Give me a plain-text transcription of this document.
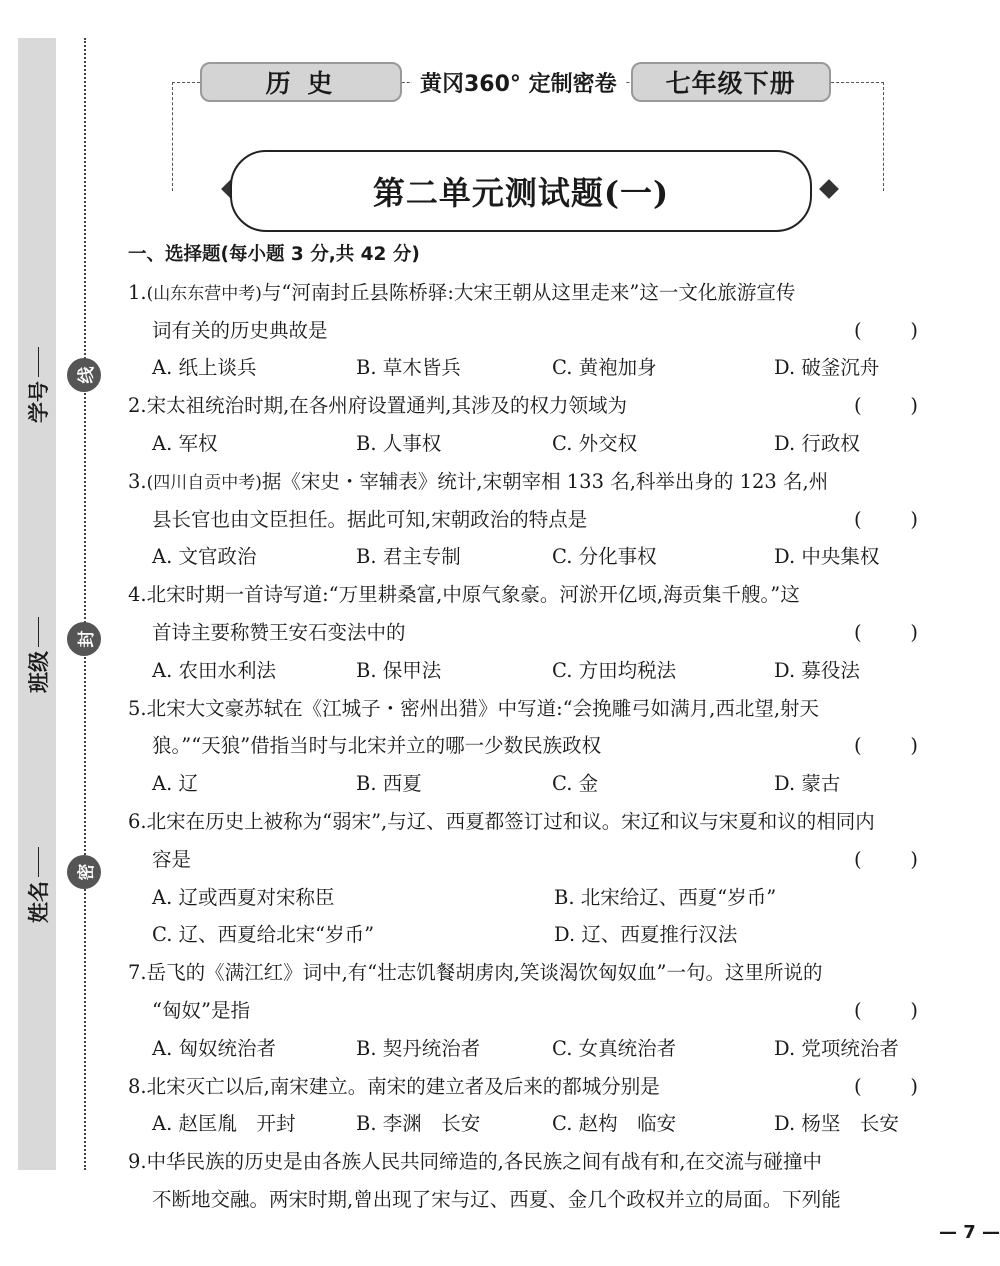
学号
班级
姓名
线
封
密
历 史	黄冈360° 定制密卷	七年级下册
第二单元测试题(一)
一、选择题(每小题 3 分,共 42 分)
1.(山东东营中考)与“河南封丘县陈桥驿:大宋王朝从这里走来”这一文化旅游宣传
词有关的历史典故是	(	)
A. 纸上谈兵	B. 草木皆兵	C. 黄袍加身	D. 破釜沉舟
2.宋太祖统治时期,在各州府设置通判,其涉及的权力领域为	(	)
A. 军权	B. 人事权	C. 外交权	D. 行政权
3.(四川自贡中考)据《宋史・宰辅表》统计,宋朝宰相 133 名,科举出身的 123 名,州
县长官也由文臣担任。据此可知,宋朝政治的特点是	(	)
A. 文官政治	B. 君主专制	C. 分化事权	D. 中央集权
4.北宋时期一首诗写道:“万里耕桑富,中原气象豪。河淤开亿顷,海贡集千艘。”这
首诗主要称赞王安石变法中的	(	)
A. 农田水利法	B. 保甲法	C. 方田均税法	D. 募役法
5.北宋大文豪苏轼在《江城子・密州出猎》中写道:“会挽雕弓如满月,西北望,射天
狼。”“天狼”借指当时与北宋并立的哪一少数民族政权	(	)
A. 辽	B. 西夏	C. 金	D. 蒙古
6.北宋在历史上被称为“弱宋”,与辽、西夏都签订过和议。宋辽和议与宋夏和议的相同内
容是	(	)
A. 辽或西夏对宋称臣	B. 北宋给辽、西夏“岁币”
C. 辽、西夏给北宋“岁币”	D. 辽、西夏推行汉法
7.岳飞的《满江红》词中,有“壮志饥餐胡虏肉,笑谈渴饮匈奴血”一句。这里所说的
“匈奴”是指	(	)
A. 匈奴统治者	B. 契丹统治者	C. 女真统治者	D. 党项统治者
8.北宋灭亡以后,南宋建立。南宋的建立者及后来的都城分别是	(	)
A. 赵匡胤　开封	B. 李渊　长安	C. 赵构　临安	D. 杨坚　长安
9.中华民族的历史是由各族人民共同缔造的,各民族之间有战有和,在交流与碰撞中
不断地交融。两宋时期,曾出现了宋与辽、西夏、金几个政权并立的局面。下列能
— 7 —
